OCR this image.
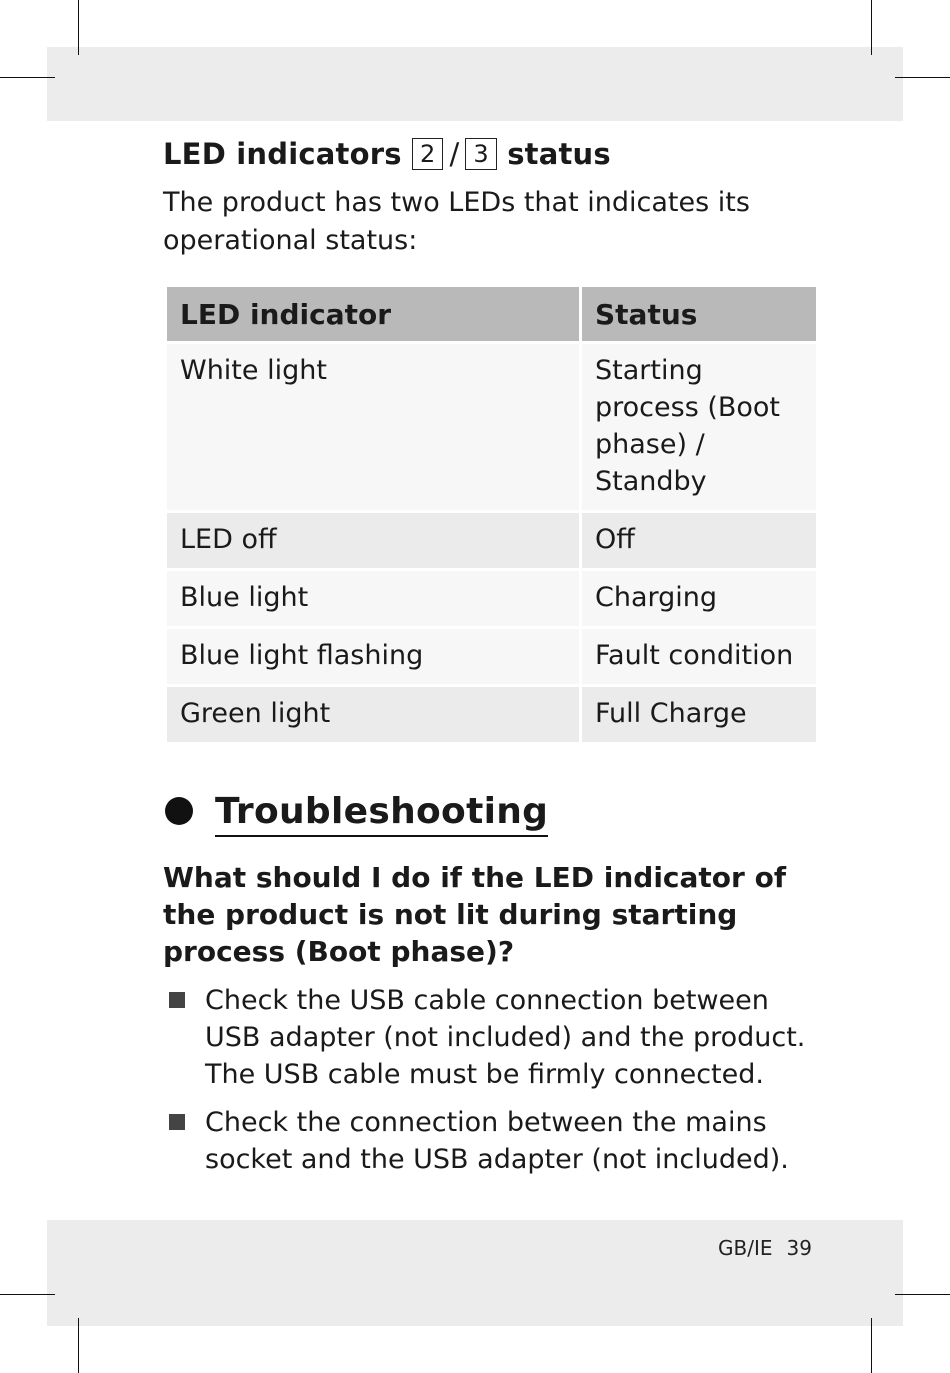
LED indicators 2 / 3 status
The product has two LEDs that indicates its operational status:
LED indicator	Status
White light	Starting process (Boot phase) / Standby
LED off	Off
Blue light	Charging
Blue light flashing	Fault condition
Green light	Full Charge
Troubleshooting
What should I do if the LED indicator of the product is not lit during starting process (Boot phase)?
Check the USB cable connection between USB adapter (not included) and the product. The USB cable must be firmly connected.
Check the connection between the mains socket and the USB adapter (not included).
GB/IE 39
